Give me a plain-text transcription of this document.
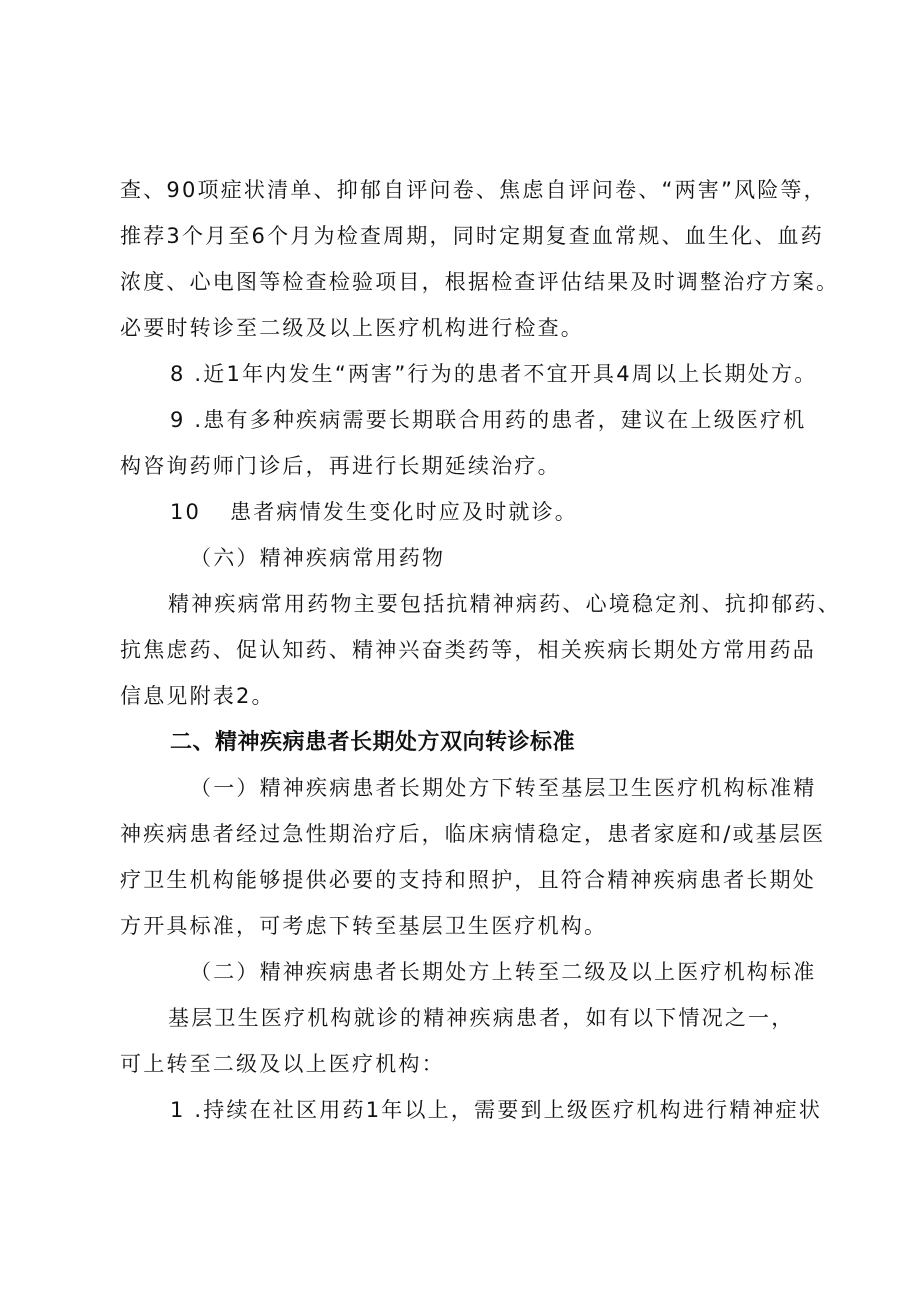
查、90项症状清单、抑郁自评问卷、焦虑自评问卷、“两害”风险等，
推荐3个月至6个月为检查周期，同时定期复查血常规、血生化、血药
浓度、心电图等检查检验项目，根据检查评估结果及时调整治疗方案。
必要时转诊至二级及以上医疗机构进行检查。
8 .近1年内发生“两害”行为的患者不宜开具4周以上长期处方。
9 .患有多种疾病需要长期联合用药的患者，建议在上级医疗机
构咨询药师门诊后，再进行长期延续治疗。
10 患者病情发生变化时应及时就诊。
（六）精神疾病常用药物
精神疾病常用药物主要包括抗精神病药、心境稳定剂、抗抑郁药、
抗焦虑药、促认知药、精神兴奋类药等，相关疾病长期处方常用药品
信息见附表2。
二、精神疾病患者长期处方双向转诊标准
（一）精神疾病患者长期处方下转至基层卫生医疗机构标准精
神疾病患者经过急性期治疗后，临床病情稳定，患者家庭和/或基层医
疗卫生机构能够提供必要的支持和照护，且符合精神疾病患者长期处
方开具标准，可考虑下转至基层卫生医疗机构。
（二）精神疾病患者长期处方上转至二级及以上医疗机构标准
基层卫生医疗机构就诊的精神疾病患者，如有以下情况之一，
可上转至二级及以上医疗机构：
1 .持续在社区用药1年以上，需要到上级医疗机构进行精神症状
